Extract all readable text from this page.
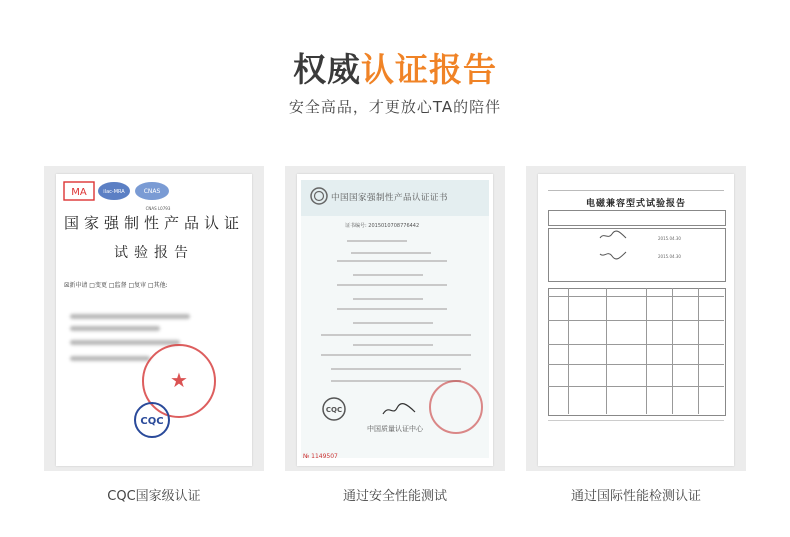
权威认证报告
安全高品，才更放心TA的陪伴
MA	ilac-MRA	CNAS
CNAS L0793
国家强制性产品认证
试验报告
☒新申请 □变更 □监督 □复审 □其他:
★
CQC
CQC国家级认证
中国国家强制性产品认证证书
证书编号: 2015010708776442
CQC
中国质量认证中心
№ 1149507
通过安全性能测试
电磁兼容型式试验报告
2015.04.30
2015.04.30
通过国际性能检测认证
